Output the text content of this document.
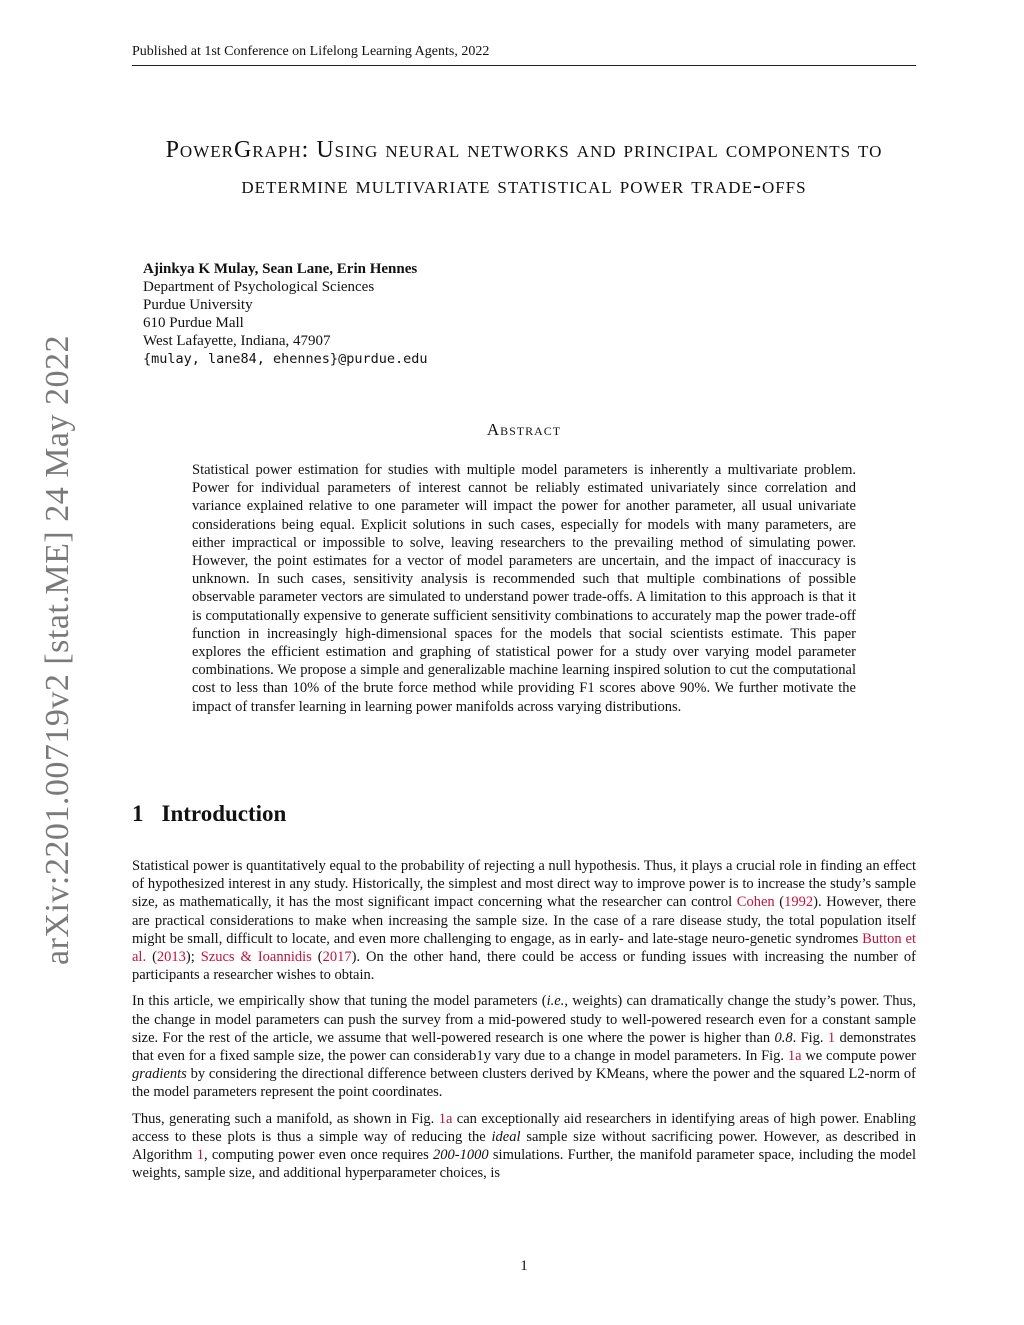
Published at 1st Conference on Lifelong Learning Agents, 2022
arXiv:2201.00719v2 [stat.ME] 24 May 2022
PowerGraph: Using neural networks and principal components to determine multivariate statistical power trade-offs
Ajinkya K Mulay, Sean Lane, Erin Hennes
Department of Psychological Sciences
Purdue University
610 Purdue Mall
West Lafayette, Indiana, 47907
{mulay, lane84, ehennes}@purdue.edu
Abstract

Statistical power estimation for studies with multiple model parameters is inherently a multivariate problem. Power for individual parameters of interest cannot be reliably estimated univariately since correlation and variance explained relative to one parameter will impact the power for another parameter, all usual univariate considerations being equal. Explicit solutions in such cases, especially for models with many parameters, are either impractical or impossible to solve, leaving researchers to the prevailing method of simulating power. However, the point estimates for a vector of model parameters are uncertain, and the impact of inaccuracy is unknown. In such cases, sensitivity analysis is recommended such that multiple combinations of possible observable parameter vectors are simulated to understand power trade-offs. A limitation to this approach is that it is computationally expensive to generate sufficient sensitivity combinations to accurately map the power trade-off function in increasingly high-dimensional spaces for the models that social scientists estimate. This paper explores the efficient estimation and graphing of statistical power for a study over varying model parameter combinations. We propose a simple and generalizable machine learning inspired solution to cut the computational cost to less than 10% of the brute force method while providing F1 scores above 90%. We further motivate the impact of transfer learning in learning power manifolds across varying distributions.

1 Introduction

Statistical power is quantitatively equal to the probability of rejecting a null hypothesis. Thus, it plays a crucial role in finding an effect of hypothesized interest in any study. Historically, the simplest and most direct way to improve power is to increase the study’s sample size, as mathematically, it has the most significant impact concerning what the researcher can control Cohen (1992). However, there are practical considerations to make when increasing the sample size. In the case of a rare disease study, the total population itself might be small, difficult to locate, and even more challenging to engage, as in early- and late-stage neuro-genetic syndromes Button et al. (2013); Szucs & Ioannidis (2017). On the other hand, there could be access or funding issues with increasing the number of participants a researcher wishes to obtain.

In this article, we empirically show that tuning the model parameters (i.e., weights) can dramatically change the study’s power. Thus, the change in model parameters can push the survey from a mid-powered study to well-powered research even for a constant sample size. For the rest of the article, we assume that well-powered research is one where the power is higher than 0.8. Fig. 1 demonstrates that even for a fixed sample size, the power can considerab1y vary due to a change in model parameters. In Fig. 1a we compute power gradients by considering the directional difference between clusters derived by KMeans, where the power and the squared L2-norm of the model parameters represent the point coordinates.

Thus, generating such a manifold, as shown in Fig. 1a can exceptionally aid researchers in identifying areas of high power. Enabling access to these plots is thus a simple way of reducing the ideal sample size without sacrificing power. However, as described in Algorithm 1, computing power even once requires 200-1000 simulations. Further, the manifold parameter space, including the model weights, sample size, and additional hyperparameter choices, is

1
